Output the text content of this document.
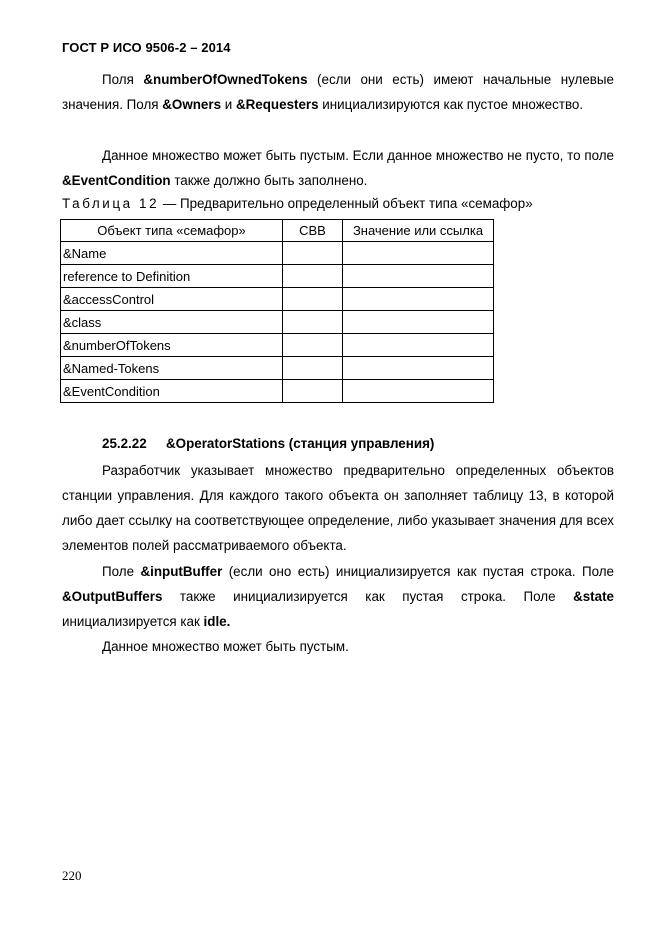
ГОСТ Р ИСО 9506-2 – 2014
Поля &numberOfOwnedTokens (если они есть) имеют начальные нулевые значения. Поля &Owners и &Requesters инициализируются как пустое множество.
Данное множество может быть пустым. Если данное множество не пусто, то поле &EventCondition также должно быть заполнено.
Таблица 12 — Предварительно определенный объект типа «семафор»
Объект типа «семафор»	СВВ	Значение или ссылка
&Name		
reference to Definition		
&accessControl		
&class		
&numberOfTokens		
&Named-Tokens		
&EventCondition		
25.2.22 &OperatorStations (станция управления)
Разработчик указывает множество предварительно определенных объектов станции управления. Для каждого такого объекта он заполняет таблицу 13, в которой либо дает ссылку на соответствующее определение, либо указывает значения для всех элементов полей рассматриваемого объекта.
Поле &inputBuffer (если оно есть) инициализируется как пустая строка. Поле &OutputBuffers также инициализируется как пустая строка. Поле &state инициализируется как idle.
Данное множество может быть пустым.
220
